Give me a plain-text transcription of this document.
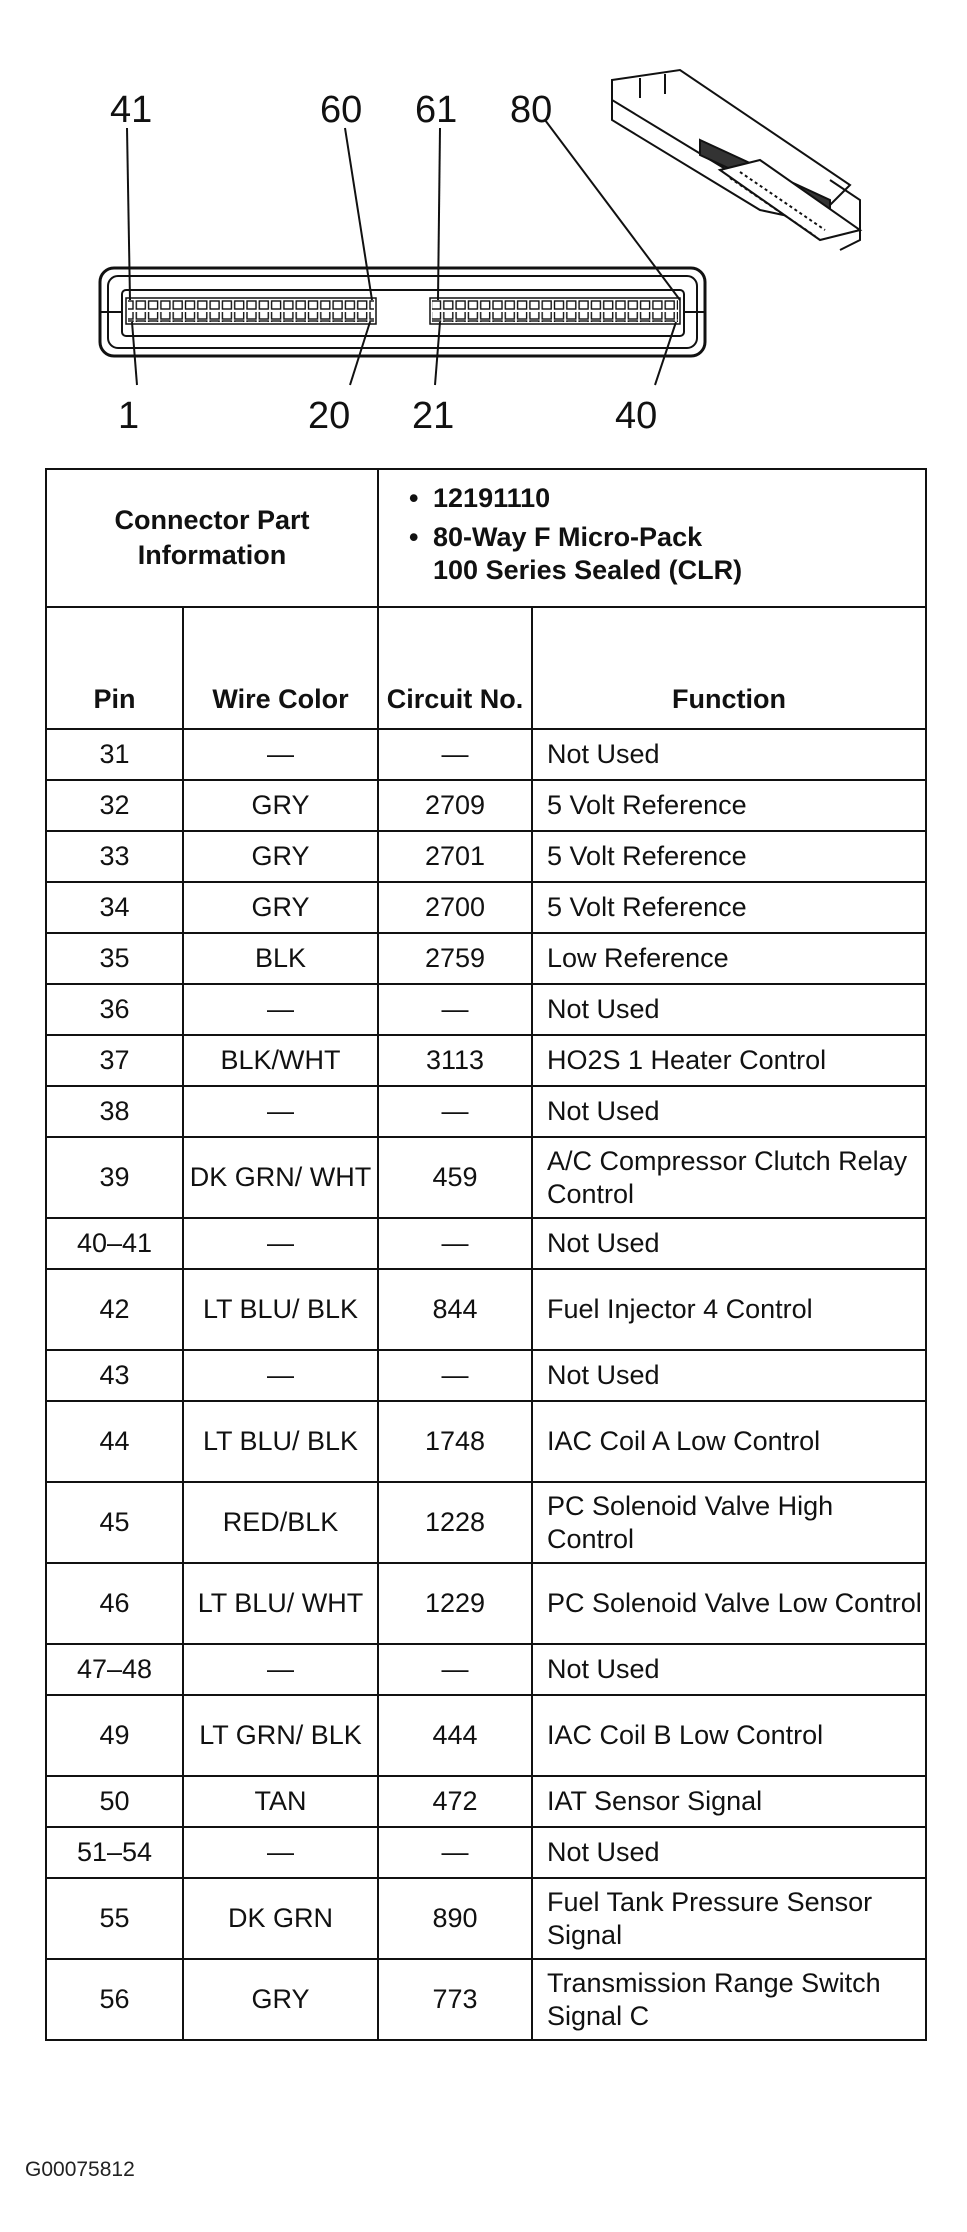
41	60 61 80
1	20 21	40
Connector Part Information		• 12191110
• 80-Way F Micro-Pack
100 Series Sealed (CLR)

Pin	Wire Color	Circuit No.	Function
31	—	—	Not Used
32	GRY	2709	5 Volt Reference
33	GRY	2701	5 Volt Reference
34	GRY	2700	5 Volt Reference
35	BLK	2759	Low Reference
36	—	—	Not Used
37	BLK/WHT	3113	HO2S 1 Heater Control
38	—	—	Not Used
39	DK GRN/ WHT	459	A/C Compressor Clutch Relay Control
40–41	—	—	Not Used
42	LT BLU/ BLK	844	Fuel Injector 4 Control
43	—	—	Not Used
44	LT BLU/ BLK	1748	IAC Coil A Low Control
45	RED/BLK	1228	PC Solenoid Valve High Control
46	LT BLU/ WHT	1229	PC Solenoid Valve Low Control
47–48	—	—	Not Used
49	LT GRN/ BLK	444	IAC Coil B Low Control
50	TAN	472	IAT Sensor Signal
51–54	—	—	Not Used
55	DK GRN	890	Fuel Tank Pressure Sensor Signal
56	GRY	773	Transmission Range Switch Signal C
G00075812
